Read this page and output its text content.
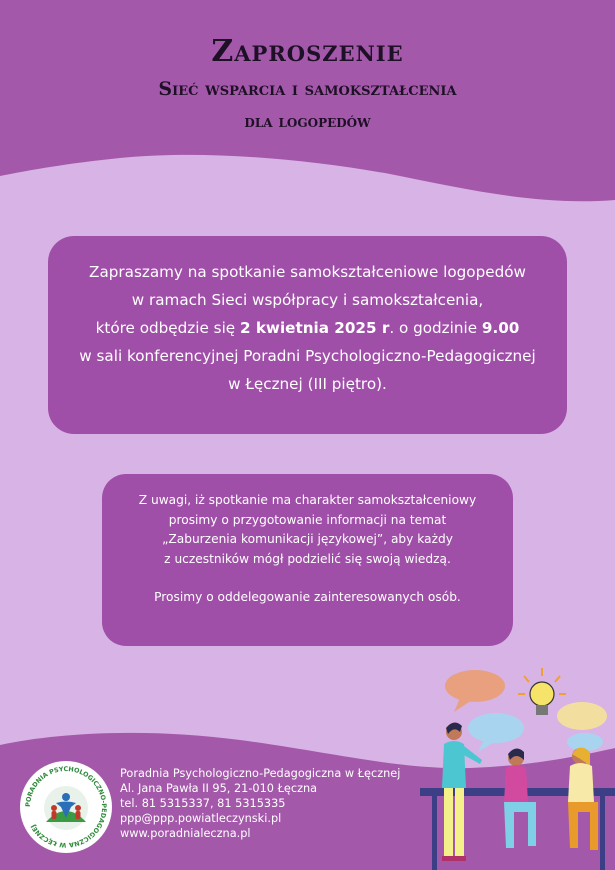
Zaproszenie
Sieć wsparcia i samokształcenia
dla logopedów
Zapraszamy na spotkanie samokształceniowe logopedów
w ramach Sieci współpracy i samokształcenia,
które odbędzie się 2 kwietnia 2025 r. o godzinie 9.00
w sali konferencyjnej Poradni Psychologiczno-Pedagogicznej
w Łęcznej (III piętro).
Z uwagi, iż spotkanie ma charakter samokształceniowy
prosimy o przygotowanie informacji na temat
„Zaburzenia komunikacji językowej”, aby każdy
z uczestników mógł podzielić się swoją wiedzą.
Prosimy o oddelegowanie zainteresowanych osób.
PORADNIA PSYCHOLOGICZNO-PEDAGOGICZNA W ŁĘCZNEJ
Poradnia Psychologiczno-Pedagogiczna w Łęcznej
Al. Jana Pawła II 95, 21-010 Łęczna
tel. 81 5315337, 81 5315335
ppp@ppp.powiatleczynski.pl
www.poradnialeczna.pl
